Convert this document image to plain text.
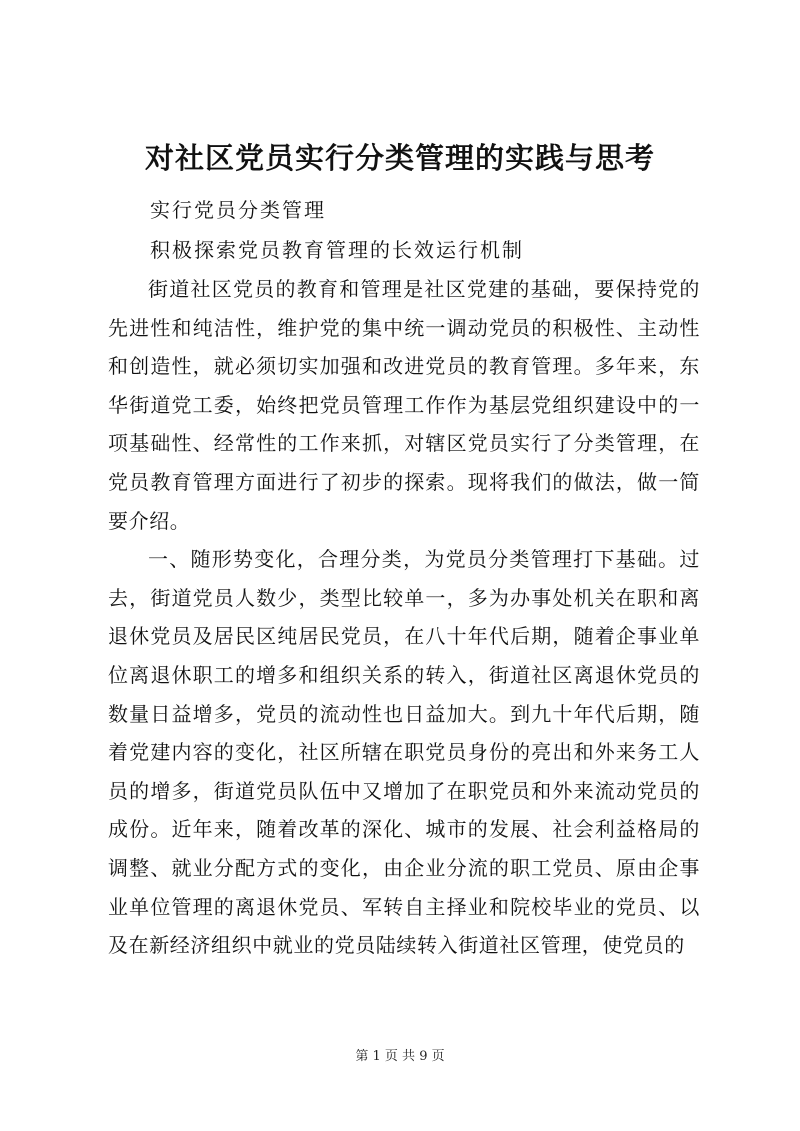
对社区党员实行分类管理的实践与思考

实行党员分类管理

积极探索党员教育管理的长效运行机制

街道社区党员的教育和管理是社区党建的基础，要保持党的先进性和纯洁性，维护党的集中统一调动党员的积极性、主动性和创造性，就必须切实加强和改进党员的教育管理。多年来，东华街道党工委，始终把党员管理工作作为基层党组织建设中的一项基础性、经常性的工作来抓，对辖区党员实行了分类管理，在党员教育管理方面进行了初步的探索。现将我们的做法，做一简要介绍。

一、随形势变化，合理分类，为党员分类管理打下基础。过去，街道党员人数少，类型比较单一，多为办事处机关在职和离退休党员及居民区纯居民党员，在八十年代后期，随着企事业单位离退休职工的增多和组织关系的转入，街道社区离退休党员的数量日益增多，党员的流动性也日益加大。到九十年代后期，随着党建内容的变化，社区所辖在职党员身份的亮出和外来务工人员的增多，街道党员队伍中又增加了在职党员和外来流动党员的成份。近年来，随着改革的深化、城市的发展、社会利益格局的调整、就业分配方式的变化，由企业分流的职工党员、原由企事业单位管理的离退休党员、军转自主择业和院校毕业的党员、以及在新经济组织中就业的党员陆续转入街道社区管理，使党员的

第 1 页 共 9 页
